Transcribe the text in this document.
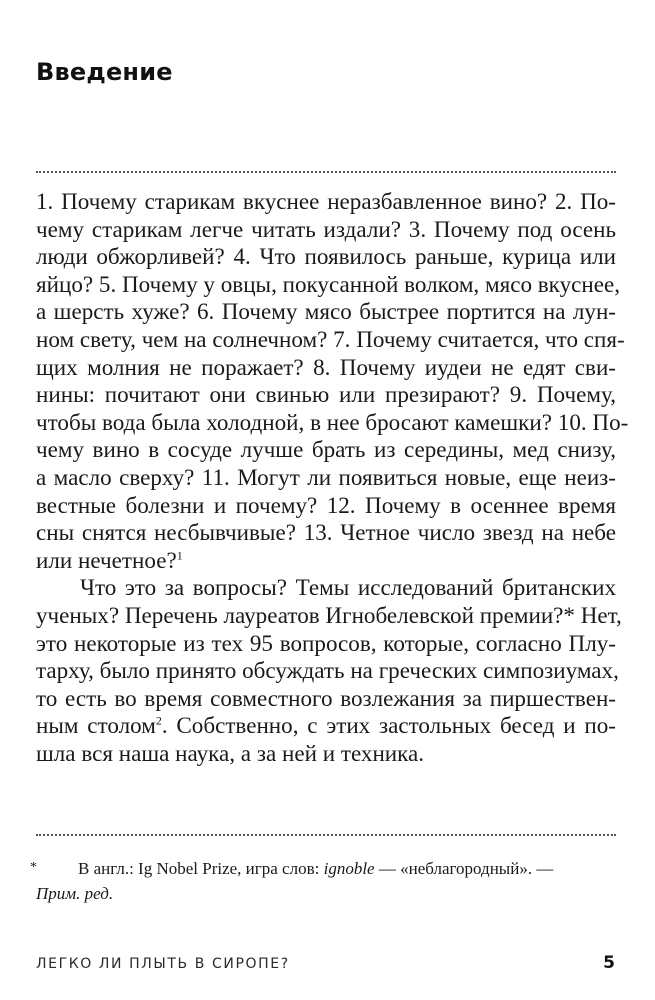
Введение
1. Почему старикам вкуснее неразбавленное вино? 2. По-
чему старикам легче читать издали? 3. Почему под осень
люди обжорливей? 4. Что появилось раньше, курица или
яйцо? 5. Почему у овцы, покусанной волком, мясо вкуснее,
а шерсть хуже? 6. Почему мясо быстрее портится на лун-
ном свету, чем на солнечном? 7. Почему считается, что спя-
щих молния не поражает? 8. Почему иудеи не едят сви-
нины: почитают они свинью или презирают? 9. Почему,
чтобы вода была холодной, в нее бросают камешки? 10. По-
чему вино в сосуде лучше брать из середины, мед снизу,
а масло сверху? 11. Могут ли появиться новые, еще неиз-
вестные болезни и почему? 12. Почему в осеннее время
сны снятся несбывчивые? 13. Четное число звезд на небе
или нечетное?$^1$
Что это за вопросы? Темы исследований британских
ученых? Перечень лауреатов Игнобелевской премии?* Нет,
это некоторые из тех 95 вопросов, которые, согласно Плу-
тарху, было принято обсуждать на греческих симпозиумах,
то есть во время совместного возлежания за пиршествен-
ным столом$^2$. Собственно, с этих застольных бесед и по-
шла вся наша наука, а за ней и техника.
*	В англ.: Ig Nobel Prize, игра слов: ignoble — «неблагородный». —
Прим. ред.
ЛЕГКО ЛИ ПЛЫТЬ В СИРОПЕ?	5
